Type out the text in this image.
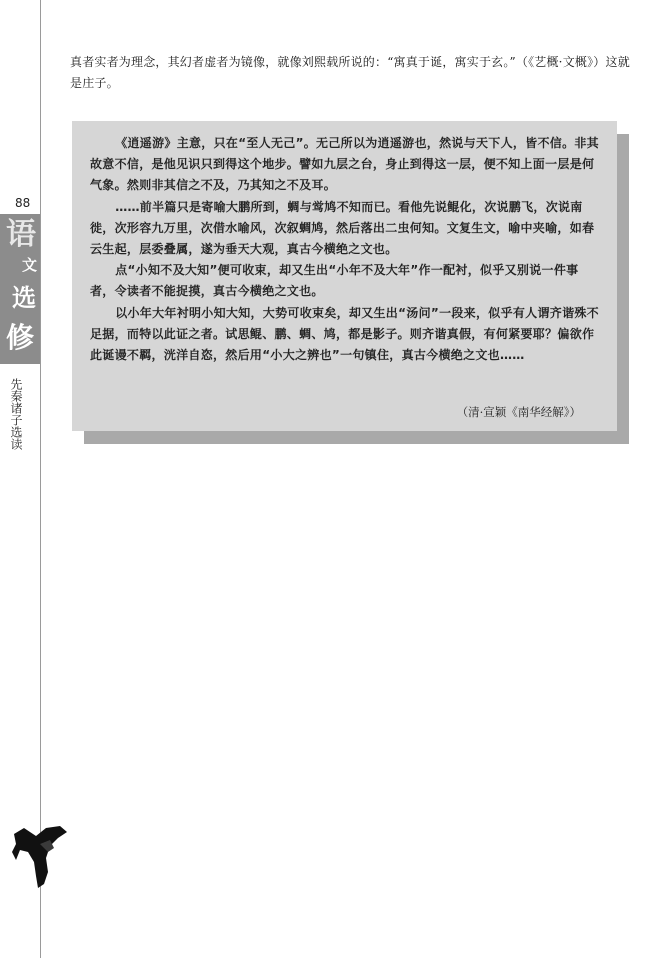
88
语
文
选
修
先秦诸子选读

真者实者为理念，其幻者虚者为镜像，就像刘熙载所说的：“寓真于诞，寓实于玄。”（《艺概·文概》）这就是庄子。

《逍遥游》主意，只在“至人无己”。无己所以为逍遥游也，然说与天下人，皆不信。非其故意不信，是他见识只到得这个地步。譬如九层之台，身止到得这一层，便不知上面一层是何气象。然则非其信之不及，乃其知之不及耳。

……前半篇只是寄喻大鹏所到，蜩与鸴鸠不知而已。看他先说鲲化，次说鹏飞，次说南徙，次形容九万里，次借水喻风，次叙蜩鸠，然后落出二虫何知。文复生文，喻中夹喻，如春云生起，层委叠属，遂为垂天大观，真古今横绝之文也。

点“小知不及大知”便可收束，却又生出“小年不及大年”作一配衬，似乎又别说一件事者，令读者不能捉摸，真古今横绝之文也。

以小年大年衬明小知大知，大势可收束矣，却又生出“汤问”一段来，似乎有人谓齐谐殊不足据，而特以此证之者。试思鲲、鹏、蜩、鸠，都是影子。则齐谐真假，有何紧要耶？偏欲作此诞谩不羁，洸洋自恣，然后用“小大之辨也”一句镇住，真古今横绝之文也……

（清·宣颖《南华经解》）
